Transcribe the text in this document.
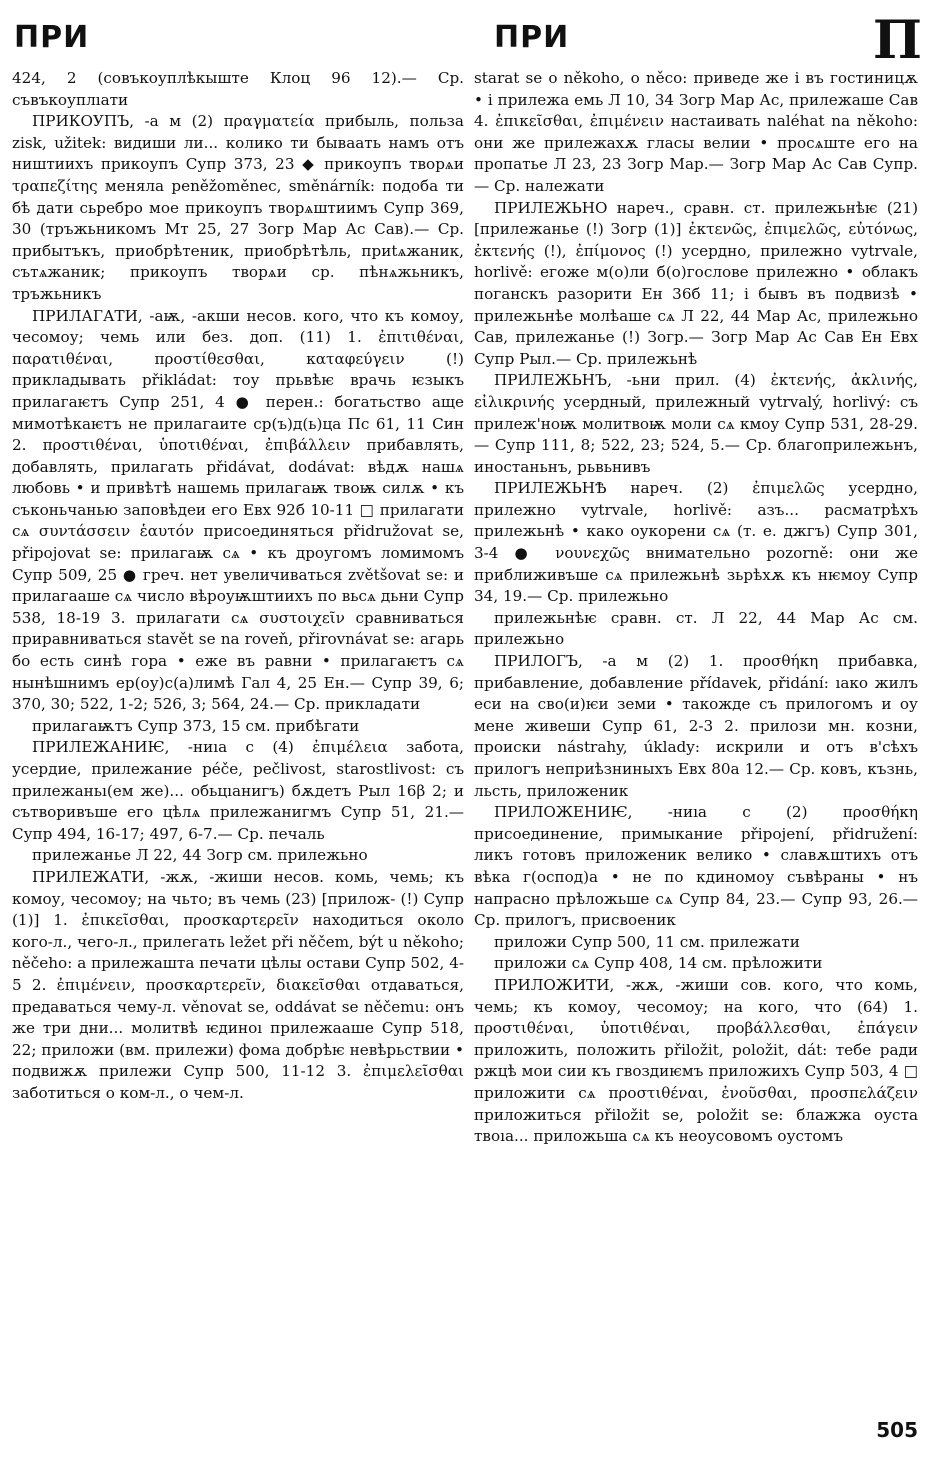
ПРИ	ПРИ	П

424, 2 (совъкоуплѣкыште Клоц 96 12).— Ср. съвъкоуплıати

ПРИКОУПЪ, -а м (2) πραγματεία прибыль, польза zisk, užitek: видиши ли... колико ти бываать намъ отъ ништиихъ прикоупъ Супр 373, 23 ◆ прикоупъ творѧи τραπεζίτης меняла peněžoměnec, směnárník: подоба ти бѣ дати сьребро мое прикоупъ творѧштиимъ Супр 369, 30 (тръжьникомъ Мт 25, 27 Зогр Мар Ас Сав).— Ср. прибытъкъ, приобрѣтеник, приобрѣтѣль, приtѧжаник, сътѧжаник; прикоупъ творѧи ср. пѣнѧжьникъ, тръжьникъ

ПРИЛАГАТИ, -аѭ, -акши несов. кого, что къ комоу, чесомоу; чемь или без. доп. (11) 1. ἐπιτιθέναι, παρατιθέναι, προστίθεσθαι, καταφεύγειν (!) прикладывать přikládat: тоу прьвѣѥ врачь ѥзыкъ прилагаѥтъ Супр 251, 4 ● перен.: богатьство аще мимотѣкаѥтъ не прилагаите ср(ъ)д(ь)ца Пс 61, 11 Син 2. προστιθέναι, ὑποτιθέναι, ἐπιβάλλειν прибавлять, добавлять, прилагать přidávat, dodávat: вѣдѫ нашѧ любовь • и привѣтѣ нашемь прилагаѭ твоѭ силѫ • къ съконьчанью заповѣдеи его Евх 92б 10-11 □ прилагати сѧ συντάσσειν ἑαυτόν присоединяться přidružovat se, připojovat se: прилагаѭ сѧ • къ дроугомъ ломимомъ Супр 509, 25 ● греч. нет увеличиваться zvětšovat se: и прилагааше сѧ число вѣроуѭштиихъ по вьсѧ дьни Супр 538, 18-19 3. прилагати сѧ συστοιχεῖν сравниваться приравниваться stavět se na roveň, přirovnávat se: агарь бо есть синѣ гора • еже въ равни • прилагаѥтъ сѧ нынѣшнимъ ер(оу)с(а)лимѣ Гал 4, 25 Ен.— Супр 39, 6; 370, 30; 522, 1-2; 526, 3; 564, 24.— Ср. прикладати

прилагаѭтъ Супр 373, 15 см. прибѣгати

ПРИЛЕЖАНИѤ, -ниıа с (4) ἐπιμέλεια забота, усердие, прилежание péče, pečlivost, starostlivost: съ прилежаньı(ем же)... обьцıанигъ) бѫдетъ Рыл 16β 2; и сътворивъше его цѣлѧ прилежанигмъ Супр 51, 21.— Супр 494, 16-17; 497, 6-7.— Ср. печаль

прилежанье Л 22, 44 Зогр см. прилежьно

ПРИЛЕЖАТИ, -жѫ, -жиши несов. комь, чемь; къ комоу, чесомоу; на чьто; въ чемь (23) [прилож- (!) Супр (1)] 1. ἐπικεῖσθαι, προσκαρτερεῖν находиться около кого-л., чего-л., прилегать ležet při něčem, být u někoho; něčeho: а прилежашта печати цѣлы остави Супр 502, 4-5 2. ἐπιμένειν, προσκαρτερεῖν, διακεῖσθαι отдаваться, предаваться чему-л. věnovat se, oddávat se něčemu: онъ же три дни... молитвѣ ѥдиноı прилежааше Супр 518, 22; приложи (вм. прилежи) фома добрѣѥ невѣрьствии • подвижѫ прилежи Супр 500, 11-12 3. ἐπιμελεῖσθαι заботиться о ком-л., о чем-л.

starat se o někoho, o něco: приведе же і въ гостиницѫ • і прилежа емь Л 10, 34 Зогр Мар Ас, прилежаше Сав 4. ἐπικεῖσθαι, ἐπιμένειν настаивать naléhat na někoho: они же прилежахѫ гласы велии • просѧште его на пропатье Л 23, 23 Зогр Мар.— Зогр Мар Ас Сав Супр.— Ср. належати

ПРИЛЕЖЬНО нареч., сравн. ст. прилежьнѣѥ (21) [прилежанье (!) Зогр (1)] ἐκτενῶς, ἐπιμελῶς, εὐτόνως, ἐκτενής (!), ἐπίμονος (!) усердно, прилежно vytrvale, horlivě: егоже м(о)ли б(о)гослове прилежно • облакъ поганскъ разорити Ен 36б 11; і бывъ въ подвизѣ • прилежьнѣе молѣаше сѧ Л 22, 44 Мар Ас, прилежьно Сав, прилежанье (!) Зогр.— Зогр Мар Ас Сав Ен Евх Супр Рыл.— Ср. прилежьнѣ

ПРИЛЕЖЬНЪ, -ьни прил. (4) ἐκτενής, ἀκλινής, εἰλικρινής усердный, прилежный vytrvalý, horlivý: съ прилеж'ноѭ молитвоѭ моли сѧ кмоу Супр 531, 28-29.— Супр 111, 8; 522, 23; 524, 5.— Ср. благоприлежьнъ, иностаньнъ, рьвьнивъ

ПРИЛЕЖЬНѢ нареч. (2) ἐπιμελῶς усердно, прилежно vytrvale, horlivě: азъ... расматрѣхъ прилежьнѣ • како оукорени сѧ (т. е. джгъ) Супр 301, 3-4 ● νουνεχῶς внимательно pozorně: они же приближивъше сѧ прилежьнѣ зьрѣхѫ къ нѥмоу Супр 34, 19.— Ср. прилежьно

прилежьнѣѥ сравн. ст. Л 22, 44 Мар Ас см. прилежьно

ПРИЛОГЪ, -а м (2) 1. προσθήκη прибавка, прибавление, добавление přídavek, přidání: ıако жилъ еси на сво(и)ѥи земи • такожде съ прилогомъ и оу мене живеши Супр 61, 2-3 2. прилози мн. козни, происки nástrahy, úklady: искрили и отъ в'сѣхъ прилогъ неприѣзниныхъ Евх 80а 12.— Ср. ковъ, къзнь, льсть, приложеник

ПРИЛОЖЕНИѤ, -ниıа с (2) προσθήκη присоединение, примыкание připojení, přidružení: ликъ готовъ приложеник велико • славѫштихъ отъ вѣка г(оспод)а • не по кдиномоу съвѣраны • нъ напрасно прѣложьше сѧ Супр 84, 23.— Супр 93, 26.— Ср. прилогъ, присвоеник

приложи Супр 500, 11 см. прилежати

приложи сѧ Супр 408, 14 см. прѣложити

ПРИЛОЖИТИ, -жѫ, -жиши сов. кого, что комь, чемь; къ комоу, чесомоу; на кого, что (64) 1. προστιθέναι, ὑποτιθέναι, προβάλλεσθαι, ἐπάγειν приложить, положить přiložit, položit, dát: тебе ради ржцѣ мои сии къ гвоздиѥмъ приложихъ Супр 503, 4 □ приложити сѧ προστιθέναι, ἐνοῦσθαι, προσπελάζειν приложиться přiložit se, položit se: блажжa оуста твоıа... приложьша сѧ къ неоусовомъ оустомъ

505
